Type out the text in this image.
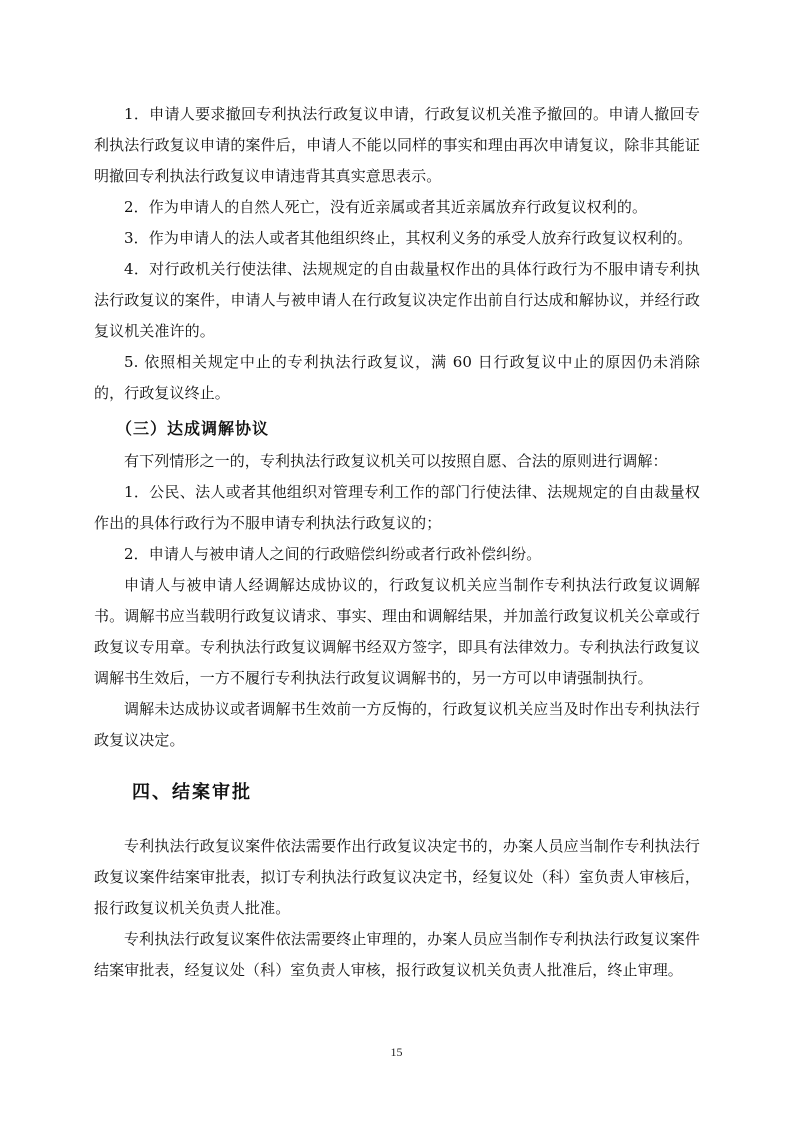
1．申请人要求撤回专利执法行政复议申请，行政复议机关准予撤回的。申请人撤回专利执法行政复议申请的案件后，申请人不能以同样的事实和理由再次申请复议，除非其能证明撤回专利执法行政复议申请违背其真实意思表示。

2．作为申请人的自然人死亡，没有近亲属或者其近亲属放弃行政复议权利的。

3．作为申请人的法人或者其他组织终止，其权利义务的承受人放弃行政复议权利的。

4．对行政机关行使法律、法规规定的自由裁量权作出的具体行政行为不服申请专利执法行政复议的案件，申请人与被申请人在行政复议决定作出前自行达成和解协议，并经行政复议机关准许的。

5. 依照相关规定中止的专利执法行政复议，满 60 日行政复议中止的原因仍未消除的，行政复议终止。

（三）达成调解协议

有下列情形之一的，专利执法行政复议机关可以按照自愿、合法的原则进行调解：

1．公民、法人或者其他组织对管理专利工作的部门行使法律、法规规定的自由裁量权作出的具体行政行为不服申请专利执法行政复议的；

2．申请人与被申请人之间的行政赔偿纠纷或者行政补偿纠纷。

申请人与被申请人经调解达成协议的，行政复议机关应当制作专利执法行政复议调解书。调解书应当载明行政复议请求、事实、理由和调解结果，并加盖行政复议机关公章或行政复议专用章。专利执法行政复议调解书经双方签字，即具有法律效力。专利执法行政复议调解书生效后，一方不履行专利执法行政复议调解书的，另一方可以申请强制执行。

调解未达成协议或者调解书生效前一方反悔的，行政复议机关应当及时作出专利执法行政复议决定。

四、结案审批

专利执法行政复议案件依法需要作出行政复议决定书的，办案人员应当制作专利执法行政复议案件结案审批表，拟订专利执法行政复议决定书，经复议处（科）室负责人审核后，报行政复议机关负责人批准。

专利执法行政复议案件依法需要终止审理的，办案人员应当制作专利执法行政复议案件结案审批表，经复议处（科）室负责人审核，报行政复议机关负责人批准后，终止审理。

15
